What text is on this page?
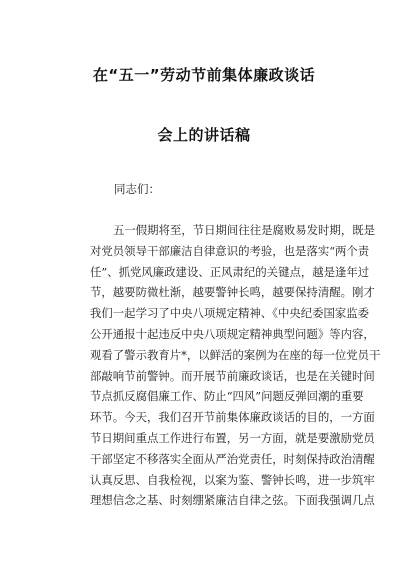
在“五一”劳动节前集体廉政谈话
会上的讲话稿

同志们：

五一假期将至，节日期间往往是腐败易发时期，既是
对党员领导干部廉洁自律意识的考验，也是落实“两个责
任”、抓党风廉政建设、正风肃纪的关键点，越是逢年过
节，越要防微杜渐，越要警钟长鸣，越要保持清醒。刚才
我们一起学习了中央八项规定精神、《中央纪委国家监委
公开通报十起违反中央八项规定精神典型问题》等内容，
观看了警示教育片*，以鲜活的案例为在座的每一位党员干
部敲响节前警钟。而开展节前廉政谈话，也是在关键时间
节点抓反腐倡廉工作、防止“四风”问题反弹回潮的重要
环节。今天，我们召开节前集体廉政谈话的目的，一方面
节日期间重点工作进行布置，另一方面，就是要激励党员
干部坚定不移落实全面从严治党责任，时刻保持政治清醒
认真反思、自我检视，以案为鉴、警钟长鸣，进一步筑牢
理想信念之基、时刻绷紧廉洁自律之弦。下面我强调几点
